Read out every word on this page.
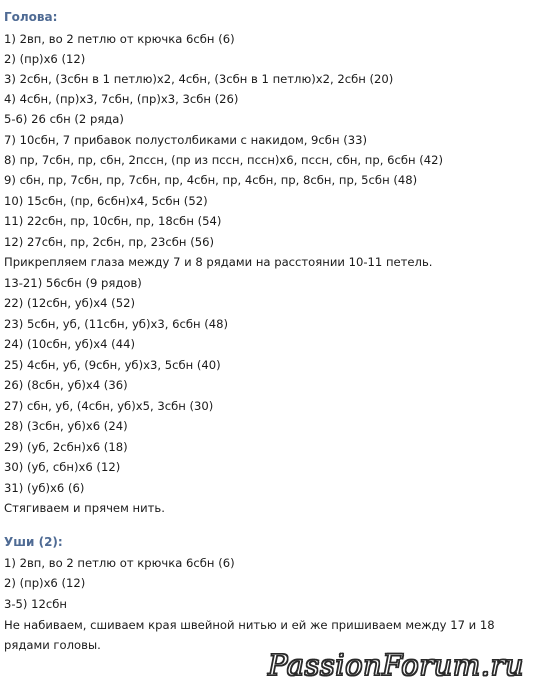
Голова:
1) 2вп, во 2 петлю от крючка 6сбн (6)
2) (пр)х6 (12)
3) 2сбн, (3сбн в 1 петлю)х2, 4сбн, (3сбн в 1 петлю)х2, 2сбн (20)
4) 4сбн, (пр)х3, 7сбн, (пр)х3, 3сбн (26)
5-6) 26 сбн (2 ряда)
7) 10сбн, 7 прибавок полустолбиками с накидом, 9сбн (33)
8) пр, 7сбн, пр, сбн, 2пссн, (пр из пссн, пссн)х6, пссн, сбн, пр, 6сбн (42)
9) сбн, пр, 7сбн, пр, 7сбн, пр, 4сбн, пр, 4сбн, пр, 8сбн, пр, 5сбн (48)
10) 15сбн, (пр, 6сбн)х4, 5сбн (52)
11) 22сбн, пр, 10сбн, пр, 18сбн (54)
12) 27сбн, пр, 2сбн, пр, 23сбн (56)
Прикрепляем глаза между 7 и 8 рядами на расстоянии 10-11 петель.
13-21) 56сбн (9 рядов)
22) (12сбн, уб)х4 (52)
23) 5сбн, уб, (11сбн, уб)х3, 6сбн (48)
24) (10сбн, уб)х4 (44)
25) 4сбн, уб, (9сбн, уб)х3, 5сбн (40)
26) (8сбн, уб)х4 (36)
27) сбн, уб, (4сбн, уб)х5, 3сбн (30)
28) (3сбн, уб)х6 (24)
29) (уб, 2сбн)х6 (18)
30) (уб, сбн)х6 (12)
31) (уб)х6 (6)
Стягиваем и прячем нить.
Уши (2):
1) 2вп, во 2 петлю от крючка 6сбн (6)
2) (пр)х6 (12)
3-5) 12сбн
Не набиваем, сшиваем края швейной нитью и ей же пришиваем между 17 и 18
рядами головы.
PassionForum.ru
